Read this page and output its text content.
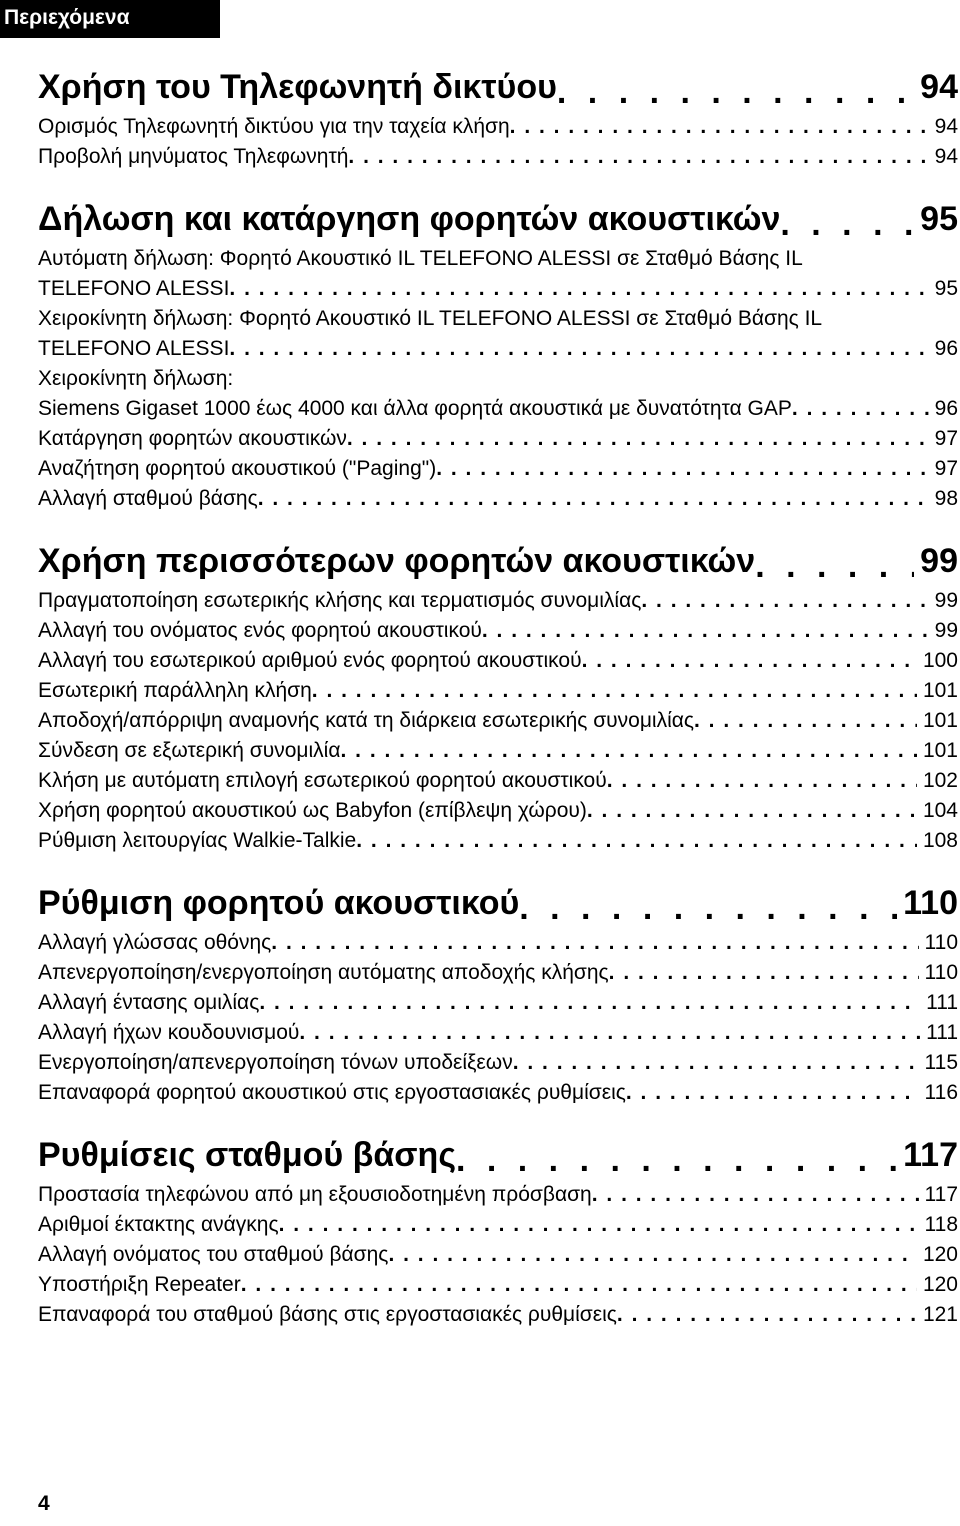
Περιεχόμενα
Χρήση του Τηλεφωνητή δικτύου . . .	94
Ορισμός Τηλεφωνητή δικτύου για την ταχεία κλήση . . .	94
Προβολή μηνύματος Τηλεφωνητή . . .	94
Δήλωση και κατάργηση φορητών ακουστικών . . .	95
Αυτόματη δήλωση: Φορητό Ακουστικό IL TELEFONO ALESSI σε Σταθμό Βάσης IL
TELEFONO ALESSI . . .	95
Χειροκίνητη δήλωση: Φορητό Ακουστικό IL TELEFONO ALESSI σε Σταθμό Βάσης IL
TELEFONO ALESSI . . .	96
Χειροκίνητη δήλωση:
Siemens Gigaset 1000 έως 4000 και άλλα φορητά ακουστικά με δυνατότητα GAP . . .	96
Κατάργηση φορητών ακουστικών . . .	97
Αναζήτηση φορητού ακουστικού ("Paging") . . .	97
Αλλαγή σταθμού βάσης . . .	98
Χρήση περισσότερων φορητών ακουστικών . . .	99
Πραγματοποίηση εσωτερικής κλήσης και τερματισμός συνομιλίας . . .	99
Αλλαγή του ονόματος ενός φορητού ακουστικού . . .	99
Αλλαγή του εσωτερικού αριθμού ενός φορητού ακουστικού . . .	100
Εσωτερική παράλληλη κλήση . . .	101
Αποδοχή/απόρριψη αναμονής κατά τη διάρκεια εσωτερικής συνομιλίας . . .	101
Σύνδεση σε εξωτερική συνομιλία . . .	101
Κλήση με αυτόματη επιλογή εσωτερικού φορητού ακουστικού . . .	102
Χρήση φορητού ακουστικού ως Babyfon (επίβλεψη χώρου) . . .	104
Ρύθμιση λειτουργίας Walkie-Talkie . . .	108
Ρύθμιση φορητού ακουστικού . . .	110
Αλλαγή γλώσσας οθόνης . . .	110
Απενεργοποίηση/ενεργοποίηση αυτόματης αποδοχής κλήσης . . .	110
Αλλαγή έντασης ομιλίας . . .	111
Αλλαγή ήχων κουδουνισμού . . .	111
Ενεργοποίηση/απενεργοποίηση τόνων υποδείξεων . . .	115
Επαναφορά φορητού ακουστικού στις εργοστασιακές ρυθμίσεις . . .	116
Ρυθμίσεις σταθμού βάσης . . .	117
Προστασία τηλεφώνου από μη εξουσιοδοτημένη πρόσβαση . . .	117
Αριθμοί έκτακτης ανάγκης . . .	118
Αλλαγή ονόματος του σταθμού βάσης . . .	120
Υποστήριξη Repeater . . .	120
Επαναφορά του σταθμού βάσης στις εργοστασιακές ρυθμίσεις . . .	121
4
